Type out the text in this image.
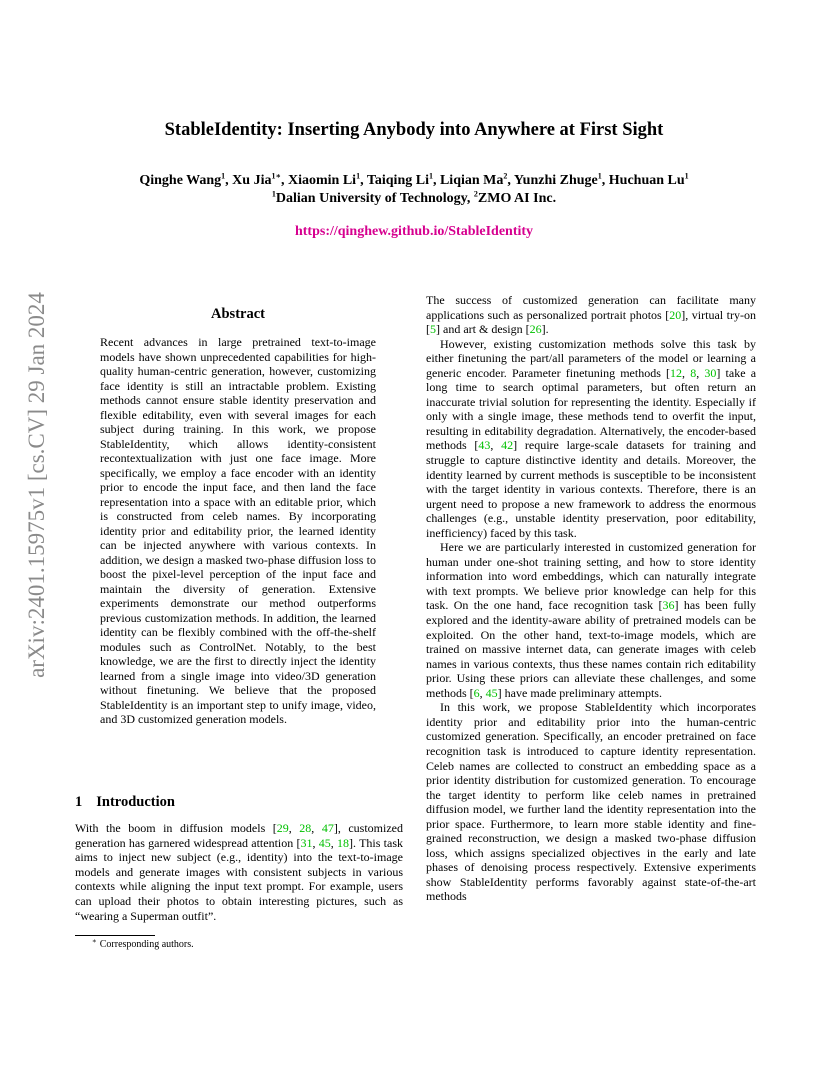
arXiv:2401.15975v1 [cs.CV] 29 Jan 2024
StableIdentity: Inserting Anybody into Anywhere at First Sight
Qinghe Wang$^1$, Xu Jia$^{1∗}$, Xiaomin Li$^1$, Taiqing Li$^1$, Liqian Ma$^2$, Yunzhi Zhuge$^1$, Huchuan Lu$^1$
$^1$Dalian University of Technology, $^2$ZMO AI Inc.
https://qinghew.github.io/StableIdentity
Abstract
Recent advances in large pretrained text-to-image models have shown unprecedented capabilities for high-quality human-centric generation, however, customizing face identity is still an intractable problem. Existing methods cannot ensure stable identity preservation and flexible editability, even with several images for each subject during training. In this work, we propose StableIdentity, which allows identity-consistent recontextualization with just one face image. More specifically, we employ a face encoder with an identity prior to encode the input face, and then land the face representation into a space with an editable prior, which is constructed from celeb names. By incorporating identity prior and editability prior, the learned identity can be injected anywhere with various contexts. In addition, we design a masked two-phase diffusion loss to boost the pixel-level perception of the input face and maintain the diversity of generation. Extensive experiments demonstrate our method outperforms previous customization methods. In addition, the learned identity can be flexibly combined with the off-the-shelf modules such as ControlNet. Notably, to the best knowledge, we are the first to directly inject the identity learned from a single image into video/3D generation without finetuning. We believe that the proposed StableIdentity is an important step to unify image, video, and 3D customized generation models.
1 Introduction
With the boom in diffusion models [29, 28, 47], customized generation has garnered widespread attention [31, 45, 18]. This task aims to inject new subject (e.g., identity) into the text-to-image models and generate images with consistent subjects in various contexts while aligning the input text prompt. For example, users can upload their photos to obtain interesting pictures, such as “wearing a Superman outfit”.
∗ Corresponding authors.

The success of customized generation can facilitate many applications such as personalized portrait photos [20], virtual try-on [5] and art & design [26].

However, existing customization methods solve this task by either finetuning the part/all parameters of the model or learning a generic encoder. Parameter finetuning methods [12, 8, 30] take a long time to search optimal parameters, but often return an inaccurate trivial solution for representing the identity. Especially if only with a single image, these methods tend to overfit the input, resulting in editability degradation. Alternatively, the encoder-based methods [43, 42] require large-scale datasets for training and struggle to capture distinctive identity and details. Moreover, the identity learned by current methods is susceptible to be inconsistent with the target identity in various contexts. Therefore, there is an urgent need to propose a new framework to address the enormous challenges (e.g., unstable identity preservation, poor editability, inefficiency) faced by this task.

Here we are particularly interested in customized generation for human under one-shot training setting, and how to store identity information into word embeddings, which can naturally integrate with text prompts. We believe prior knowledge can help for this task. On the one hand, face recognition task [36] has been fully explored and the identity-aware ability of pretrained models can be exploited. On the other hand, text-to-image models, which are trained on massive internet data, can generate images with celeb names in various contexts, thus these names contain rich editability prior. Using these priors can alleviate these challenges, and some methods [6, 45] have made preliminary attempts.

In this work, we propose StableIdentity which incorporates identity prior and editability prior into the human-centric customized generation. Specifically, an encoder pretrained on face recognition task is introduced to capture identity representation. Celeb names are collected to construct an embedding space as a prior identity distribution for customized generation. To encourage the target identity to perform like celeb names in pretrained diffusion model, we further land the identity representation into the prior space. Furthermore, to learn more stable identity and fine-grained reconstruction, we design a masked two-phase diffusion loss, which assigns specialized objectives in the early and late phases of denoising process respectively. Extensive experiments show StableIdentity performs favorably against state-of-the-art methods
